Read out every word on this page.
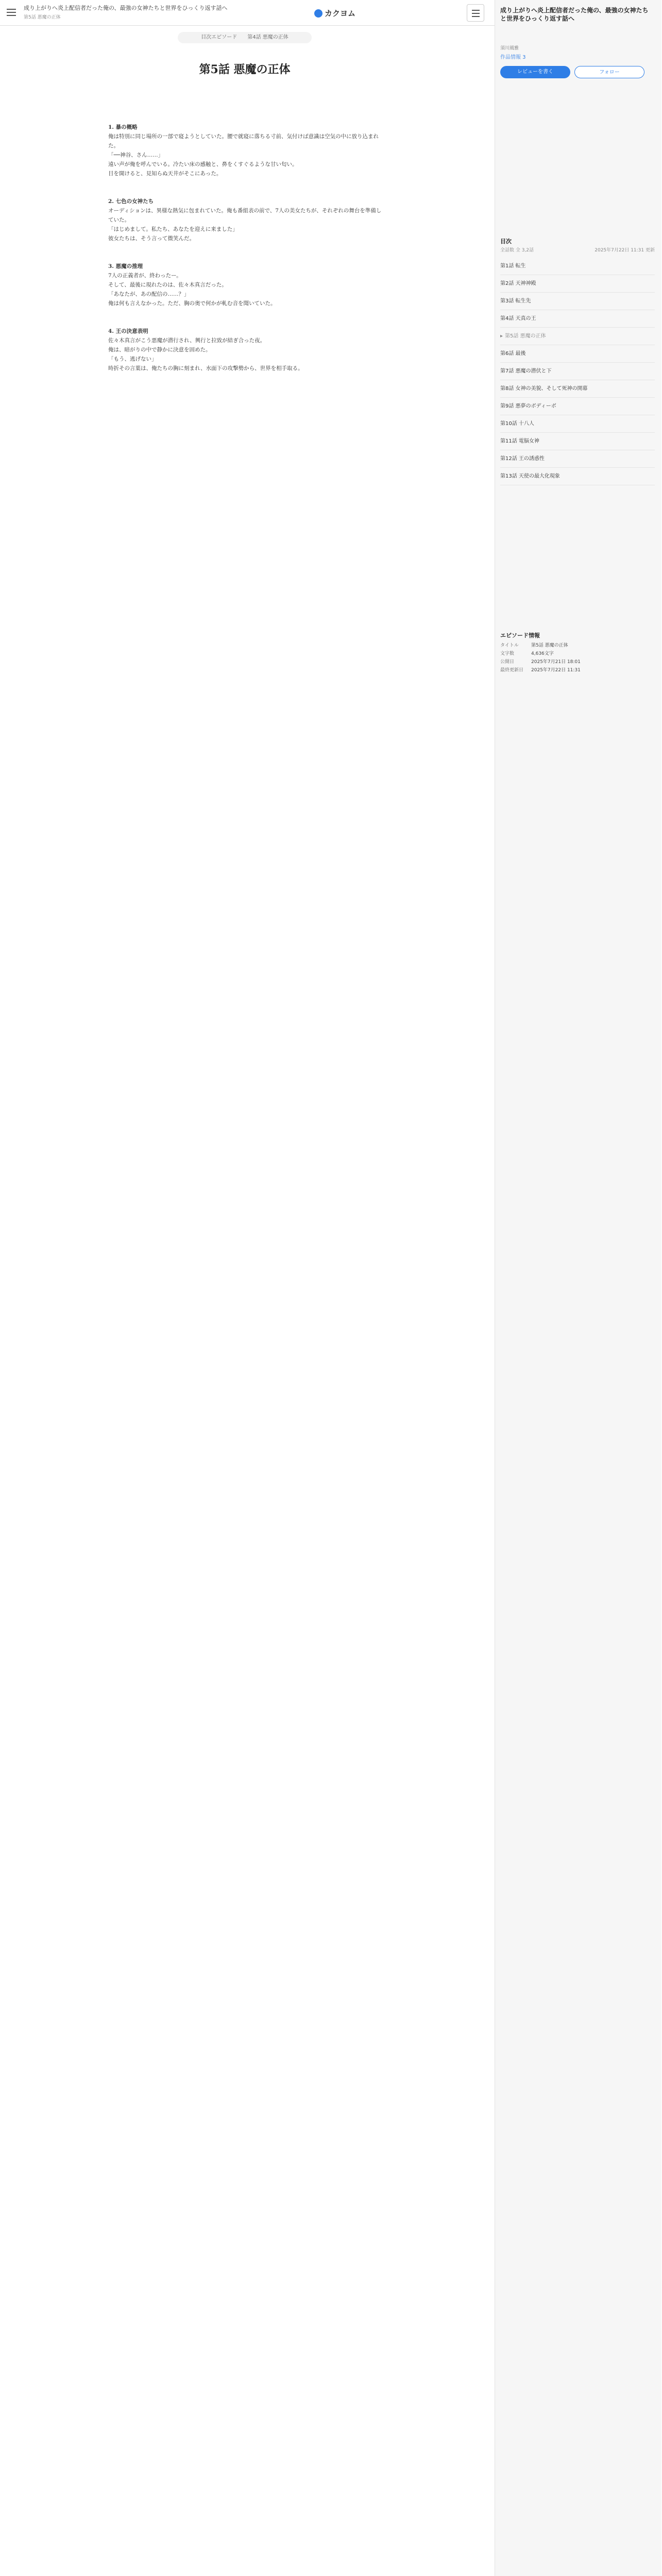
成り上がりへ炎上配信者だった俺の、最強の女神たちと世界をひっくり返す話へ
第5話 悪魔の正体	カクヨム
目次エピソード　　第4話 悪魔の正体
第5話 悪魔の正体

1. 暴の概略

俺は特別に同じ場所の一部で寝ようとしていた。腰で就寝に落ちる寸前、気付けば意識は空気の中に放り込まれた。

「──神谷、さん……」

遠い声が俺を呼んでいる。冷たい床の感触と、鼻をくすぐるような甘い匂い。

目を開けると、見知らぬ天井がそこにあった。

2. 七色の女神たち

オーディションは、異様な熱気に包まれていた。俺も番組表の前で、7人の美女たちが、それぞれの舞台を準備していた。

「はじめまして。私たち、あなたを迎えに来ました」

彼女たちは、そう言って微笑んだ。

3. 悪魔の推理

7人の正義者が、終わったー。

そして、最後に現れたのは、佐々木真言だった。

「あなたが、あの配信の……？」

俺は何も言えなかった。ただ、胸の奥で何かが軋む音を聞いていた。

4. 王の決意表明

佐々木真言がこう悪魔が潜行され、興行と拉致が結ぎ合った夜。

俺は、暗がりの中で静かに決意を固めた。

「もう、逃げない」

時折その言葉は、俺たちの胸に刻まれ、水面下の攻撃勢から、世界を相手取る。

成り上がりへ炎上配信者だった俺の、最強の女神たちと世界をひっくり返す話へ
須川風雅
作品情報 3
レビューを書く	フォロー
目次
全話数 全 3,2話	2025年7月22日 11:31 更新
第1話 転生
第2話 天神神殿
第3話 転生先
第4話 天真の王
▸ 第5話 悪魔の正体
第6話 最後
第7話 悪魔の潜伏と下
第8話 女神の美貌、そして死神の開幕
第9話 悪夢のボディーボ
第10話 十八人
第11話 電脳女神
第12話 王の誘惑性
第13話 天使の最大化現象
エピソード情報
タイトル	第5話 悪魔の正体
文字数	4,636文字
公開日	2025年7月21日 18:01
最終更新日 2025年7月22日 11:31
